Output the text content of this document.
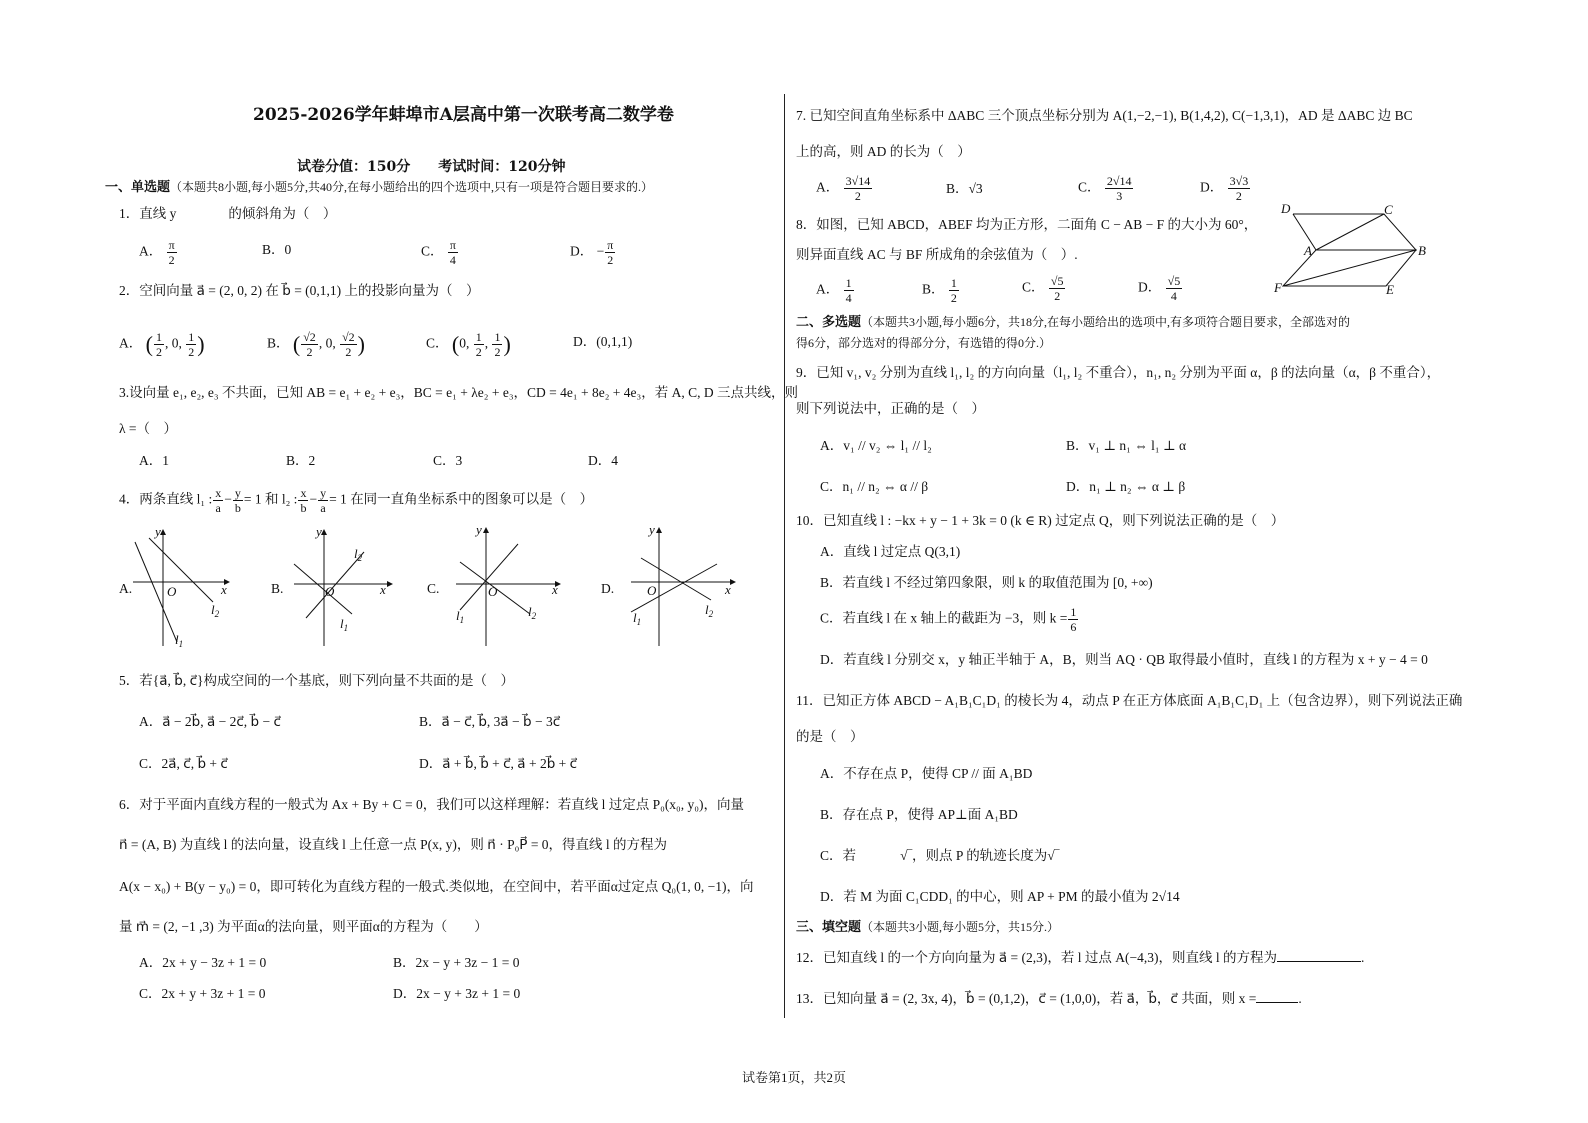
2025-2026学年蚌埠市A层高中第一次联考高二数学卷
试卷分值：150分　　考试时间：120分钟
一、单选题（本题共8小题,每小题5分,共40分,在每小题给出的四个选项中,只有一项是符合题目要求的.）
1．直线 y	的倾斜角为（　）
A． $\frac{\pi}{2}$	B．0	C． $\frac{\pi}{4}$	D． − $\frac{\pi}{2}$
2．空间向量 a⃗ = (2, 0, 2) 在 b⃗ = (0,1,1) 上的投影向量为（　）
A． ( $\frac{1}{2}$ , 0, $\frac{1}{2}$ )	B． ( $\frac{√2}{2}$ , 0, $\frac{√2}{2}$ )	C． (0, $\frac{1}{2}$ , $\frac{1}{2}$ )	D．(0,1,1)
3.设向量 e₁, e₂, e₃ 不共面，已知 AB = e₁ + e₂ + e₃，BC = e₁ + λe₂ + e₃，CD = 4e₁ + 8e₂ + 4e₃，若 A, C, D 三点共线，则
λ =（　）
A．1	B．2	C．3	D．4
4．两条直线 l₁ : $\frac{x}{a} - \frac{y}{b} = 1$ 和 l₂ : $\frac{x}{b} - \frac{y}{a} = 1$ 在同一直角坐标系中的图象可以是（　）
A.	B.	C.	D.
5．若{a⃗, b⃗, c⃗}构成空间的一个基底，则下列向量不共面的是（　）
A．a⃗ − 2b⃗, a⃗ − 2c⃗, b⃗ − c⃗	B．a⃗ − c⃗, b⃗, 3a⃗ − b⃗ − 3c⃗
C．2a⃗, c⃗, b⃗ + c⃗	D．a⃗ + b⃗, b⃗ + c⃗, a⃗ + 2b⃗ + c⃗
6．对于平面内直线方程的一般式为 Ax + By + C = 0，我们可以这样理解：若直线 l 过定点 P₀(x₀, y₀)，向量
n⃗ = (A, B) 为直线 l 的法向量，设直线 l 上任意一点 P(x, y)，则 n⃗ · P₀P⃗ = 0，得直线 l 的方程为
A(x − x₀) + B(y − y₀) = 0，即可转化为直线方程的一般式.类似地，在空间中，若平面α过定点 Q₀(1, 0, −1)，向
量 m⃗ = (2, −1 ,3) 为平面α的法向量，则平面α的方程为（　　）
A．2x + y − 3z + 1 = 0	B．2x − y + 3z − 1 = 0
C．2x + y + 3z + 1 = 0	D．2x − y + 3z + 1 = 0
y
x
O
$l_1$
$l_2$
y
x
O
$l_2$
$l_1$
y
x
O
$l_1$
$l_2$
y
x
O
$l_1$
$l_2$
7. 已知空间直角坐标系中 ΔABC 三个顶点坐标分别为 A(1,−2,−1), B(1,4,2), C(−1,3,1)，AD 是 ΔABC 边 BC
上的高，则 AD 的长为（　）
A． $\frac{3√14}{2}$	B．√3	C． $\frac{2√14}{3}$	D． $\frac{3√3}{2}$
8．如图，已知 ABCD，ABEF 均为正方形，二面角 C − AB − F 的大小为 60°，
则异面直线 AC 与 BF 所成角的余弦值为（　）.
A． $\frac{1}{4}$	B． $\frac{1}{2}$	C． $\frac{√5}{2}$	D． $\frac{√5}{4}$
二、多选题（本题共3小题,每小题6分，共18分,在每小题给出的选项中,有多项符合题目要求，全部选对的
得6分，部分选对的得部分分，有选错的得0分.）
9．已知 v₁, v₂ 分别为直线 l₁, l₂ 的方向向量（l₁, l₂ 不重合），n₁, n₂ 分别为平面 α，β 的法向量（α，β 不重合），
则下列说法中，正确的是（　）
A．v₁ // v₂ ⇔ l₁ // l₂	B．v₁ ⊥ n₁ ⇔ l₁ ⊥ α
C．n₁ // n₂ ⇔ α // β	D．n₁ ⊥ n₂ ⇔ α ⊥ β
10．已知直线 l : −kx + y − 1 + 3k = 0 (k ∈ R) 过定点 Q，则下列说法正确的是（　）
A．直线 l 过定点 Q(3,1)
B．若直线 l 不经过第四象限，则 k 的取值范围为 [0, +∞)
C．若直线 l 在 x 轴上的截距为 −3，则 $k = \frac{1}{6}$
D．若直线 l 分别交 x，y 轴正半轴于 A，B，则当 AQ · QB 取得最小值时，直线 l 的方程为 x + y − 4 = 0
11．已知正方体 ABCD − A₁B₁C₁D₁ 的棱长为 4，动点 P 在正方体底面 A₁B₁C₁D₁ 上（包含边界），则下列说法正确
的是（　）
A．不存在点 P，使得 CP // 面 A₁BD
B．存在点 P，使得 AP⊥面 A₁BD
C．若	√‾，则点 P 的轨迹长度为√‾
D．若 M 为面 C₁CDD₁ 的中心，则 AP + PM 的最小值为 2√14
三、填空题（本题共3小题,每小题5分，共15分.）
12．已知直线 l 的一个方向向量为 a⃗ = (2,3)，若 l 过点 A(−4,3)，则直线 l 的方程为	.
13．已知向量 a⃗ = (2, 3x, 4)，b⃗ = (0,1,2)，c⃗ = (1,0,0)，若 a⃗，b⃗，c⃗ 共面，则 x =	.
D	C
A	B
F	E
试卷第1页，共2页
